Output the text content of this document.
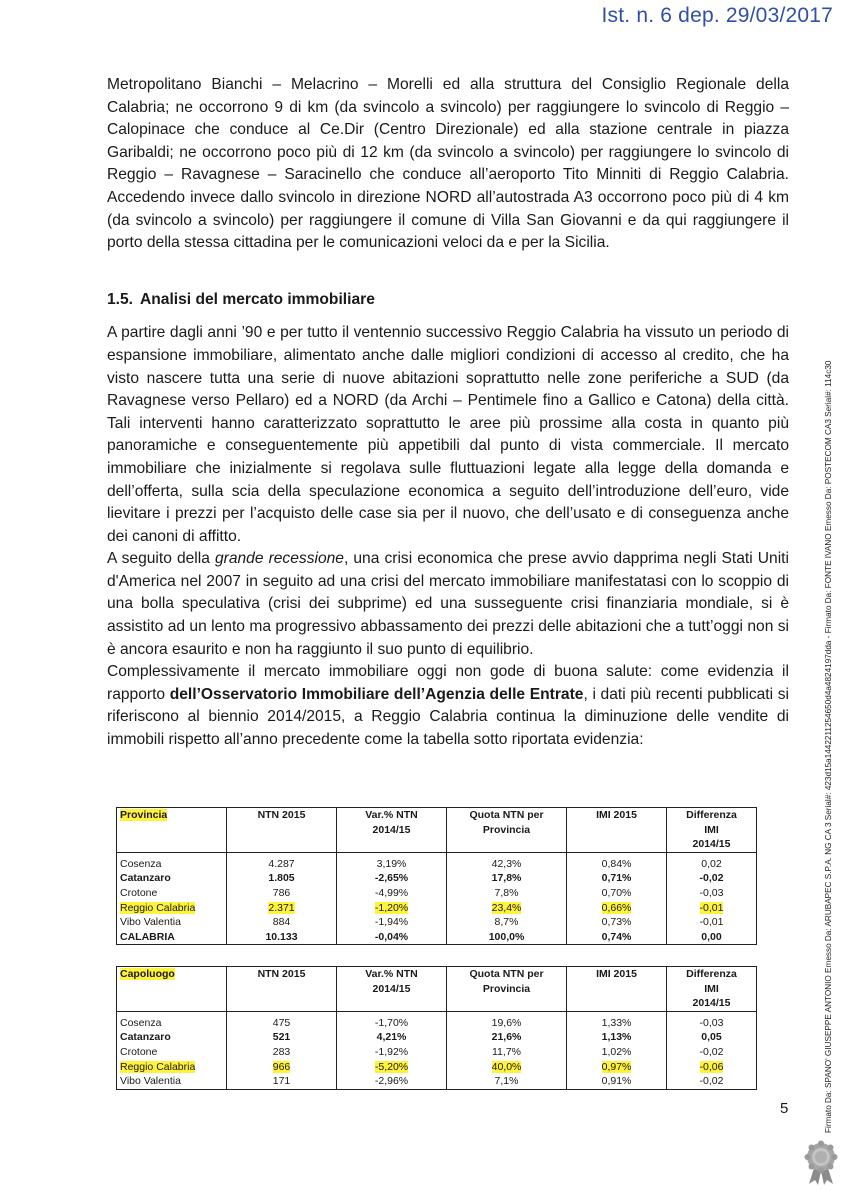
Ist. n. 6 dep. 29/03/2017

Metropolitano Bianchi – Melacrino – Morelli ed alla struttura del Consiglio Regionale della Calabria; ne occorrono 9 di km (da svincolo a svincolo) per raggiungere lo svincolo di Reggio – Calopinace che conduce al Ce.Dir (Centro Direzionale) ed alla stazione centrale in piazza Garibaldi; ne occorrono poco più di 12 km (da svincolo a svincolo) per raggiungere lo svincolo di Reggio – Ravagnese – Saracinello che conduce all’aeroporto Tito Minniti di Reggio Calabria. Accedendo invece dallo svincolo in direzione NORD all’autostrada A3 occorrono poco più di 4 km (da svincolo a svincolo) per raggiungere il comune di Villa San Giovanni e da qui raggiungere il porto della stessa cittadina per le comunicazioni veloci da e per la Sicilia.

1.5. Analisi del mercato immobiliare

A partire dagli anni ’90 e per tutto il ventennio successivo Reggio Calabria ha vissuto un periodo di espansione immobiliare, alimentato anche dalle migliori condizioni di accesso al credito, che ha visto nascere tutta una serie di nuove abitazioni soprattutto nelle zone periferiche a SUD (da Ravagnese verso Pellaro) ed a NORD (da Archi – Pentimele fino a Gallico e Catona) della città. Tali interventi hanno caratterizzato soprattutto le aree più prossime alla costa in quanto più panoramiche e conseguentemente più appetibili dal punto di vista commerciale. Il mercato immobiliare che inizialmente si regolava sulle fluttuazioni legate alla legge della domanda e dell’offerta, sulla scia della speculazione economica a seguito dell’introduzione dell’euro, vide lievitare i prezzi per l’acquisto delle case sia per il nuovo, che dell’usato e di conseguenza anche dei canoni di affitto.

A seguito della grande recessione, una crisi economica che prese avvio dapprima negli Stati Uniti d'America nel 2007 in seguito ad una crisi del mercato immobiliare manifestatasi con lo scoppio di una bolla speculativa (crisi dei subprime) ed una susseguente crisi finanziaria mondiale, si è assistito ad un lento ma progressivo abbassamento dei prezzi delle abitazioni che a tutt’oggi non si è ancora esaurito e non ha raggiunto il suo punto di equilibrio.

Complessivamente il mercato immobiliare oggi non gode di buona salute: come evidenzia il rapporto dell’Osservatorio Immobiliare dell’Agenzia delle Entrate, i dati più recenti pubblicati si riferiscono al biennio 2014/2015, a Reggio Calabria continua la diminuzione delle vendite di immobili rispetto all’anno precedente come la tabella sotto riportata evidenzia:

Provincia	NTN 2015	Var.% NTN
2014/15	Quota NTN per
Provincia	IMI 2015	Differenza
IMI
2014/15

Cosenza	4.287	3,19%	42,3%	0,84%	0,02
Catanzaro	1.805	-2,65%	17,8%	0,71%	-0,02
Crotone	786	-4,99%	7,8%	0,70%	-0,03
Reggio Calabria	2.371	-1,20%	23,4%	0,66%	-0,01
Vibo Valentia	884	-1,94%	8,7%	0,73%	-0,01
CALABRIA	10.133	-0,04%	100,0%	0,74%	0,00
Capoluogo	NTN 2015	Var.% NTN
2014/15	Quota NTN per
Provincia	IMI 2015	Differenza
IMI
2014/15

Cosenza	475	-1,70%	19,6%	1,33%	-0,03
Catanzaro	521	4,21%	21,6%	1,13%	0,05
Crotone	283	-1,92%	11,7%	1,02%	-0,02
Reggio Calabria	966	-5,20%	40,0%	0,97%	-0,06
Vibo Valentia	171	-2,96%	7,1%	0,91%	-0,02
5	Firmato Da: SPANO' GIUSEPPE ANTONIO Emesso Da: ARUBAPEC S.P.A. NG CA 3 Serial#: 423d15a1442211254650d4a482419​7dda - Firmato Da: FONTE IVANO Emesso Da: POSTECOM CA3 Serial#: 114c30
